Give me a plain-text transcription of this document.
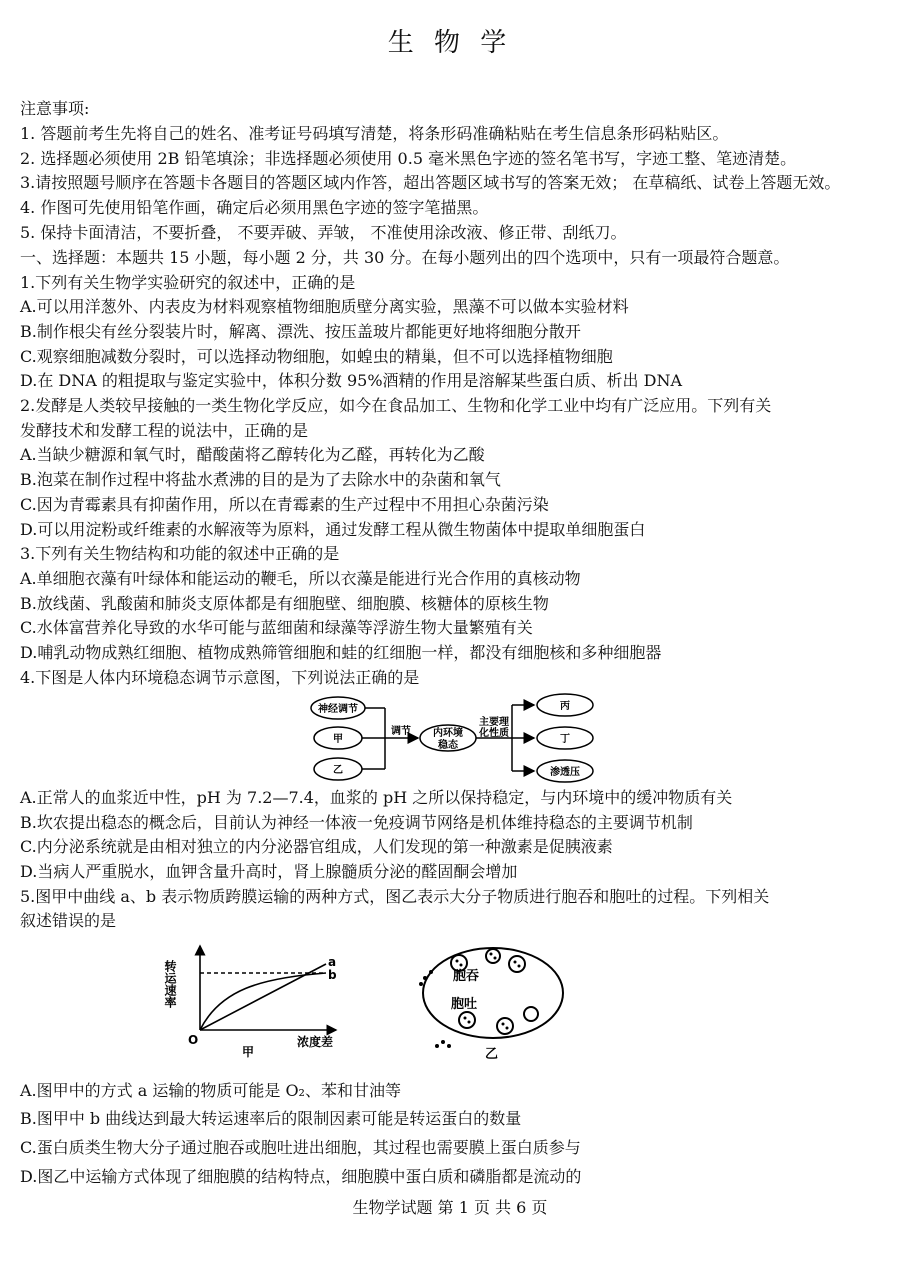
生 物 学
注意事项:
1. 答题前考生先将自己的姓名、准考证号码填写清楚，将条形码准确粘贴在考生信息条形码粘贴区。
2. 选择题必须使用 2B 铅笔填涂；非选择题必须使用 0.5 毫米黑色字迹的签名笔书写，字迹工整、笔迹清楚。
3.请按照题号顺序在答题卡各题目的答题区域内作答，超出答题区域书写的答案无效； 在草稿纸、试卷上答题无效。
4. 作图可先使用铅笔作画，确定后必须用黑色字迹的签字笔描黑。
5. 保持卡面清洁，不要折叠， 不要弄破、弄皱， 不准使用涂改液、修正带、刮纸刀。
一、选择题：本题共 15 小题，每小题 2 分，共 30 分。在每小题列出的四个选项中，只有一项最符合题意。
1.下列有关生物学实验研究的叙述中，正确的是
A.可以用洋葱外、内表皮为材料观察植物细胞质壁分离实验，黑藻不可以做本实验材料
B.制作根尖有丝分裂装片时，解离、漂洗、按压盖玻片都能更好地将细胞分散开
C.观察细胞减数分裂时，可以选择动物细胞，如蝗虫的精巢，但不可以选择植物细胞
D.在 DNA 的粗提取与鉴定实验中，体积分数 95%酒精的作用是溶解某些蛋白质、析出 DNA
2.发酵是人类较早接触的一类生物化学反应，如今在食品加工、生物和化学工业中均有广泛应用。下列有关
发酵技术和发酵工程的说法中，正确的是
A.当缺少糖源和氧气时，醋酸菌将乙醇转化为乙醛，再转化为乙酸
B.泡菜在制作过程中将盐水煮沸的目的是为了去除水中的杂菌和氧气
C.因为青霉素具有抑菌作用，所以在青霉素的生产过程中不用担心杂菌污染
D.可以用淀粉或纤维素的水解液等为原料，通过发酵工程从微生物菌体中提取单细胞蛋白
3.下列有关生物结构和功能的叙述中正确的是
A.单细胞衣藻有叶绿体和能运动的鞭毛，所以衣藻是能进行光合作用的真核动物
B.放线菌、乳酸菌和肺炎支原体都是有细胞壁、细胞膜、核糖体的原核生物
C.水体富营养化导致的水华可能与蓝细菌和绿藻等浮游生物大量繁殖有关
D.哺乳动物成熟红细胞、植物成熟筛管细胞和蛙的红细胞一样，都没有细胞核和多种细胞器
4.下图是人体内环境稳态调节示意图，下列说法正确的是
神经调节
甲
乙
调节 内环境
稳态
主要理
化性质
丙
丁
渗透压
A.正常人的血浆近中性，pH 为 7.2—7.4，血浆的 pH 之所以保持稳定，与内环境中的缓冲物质有关
B.坎农提出稳态的概念后，目前认为神经一体液一免疫调节网络是机体维持稳态的主要调节机制
C.内分泌系统就是由相对独立的内分泌器官组成，人们发现的第一种激素是促胰液素
D.当病人严重脱水，血钾含量升高时，肾上腺髓质分泌的醛固酮会增加
5.图甲中曲线 a、b 表示物质跨膜运输的两种方式，图乙表示大分子物质进行胞吞和胞吐的过程。下列相关
叙述错误的是
转运速率
浓度差
O
a
b
甲
胞吞
胞吐
乙
A.图甲中的方式 a 运输的物质可能是 O₂、苯和甘油等
B.图甲中 b 曲线达到最大转运速率后的限制因素可能是转运蛋白的数量
C.蛋白质类生物大分子通过胞吞或胞吐进出细胞，其过程也需要膜上蛋白质参与
D.图乙中运输方式体现了细胞膜的结构特点，细胞膜中蛋白质和磷脂都是流动的
生物学试题 第 1 页 共 6 页
